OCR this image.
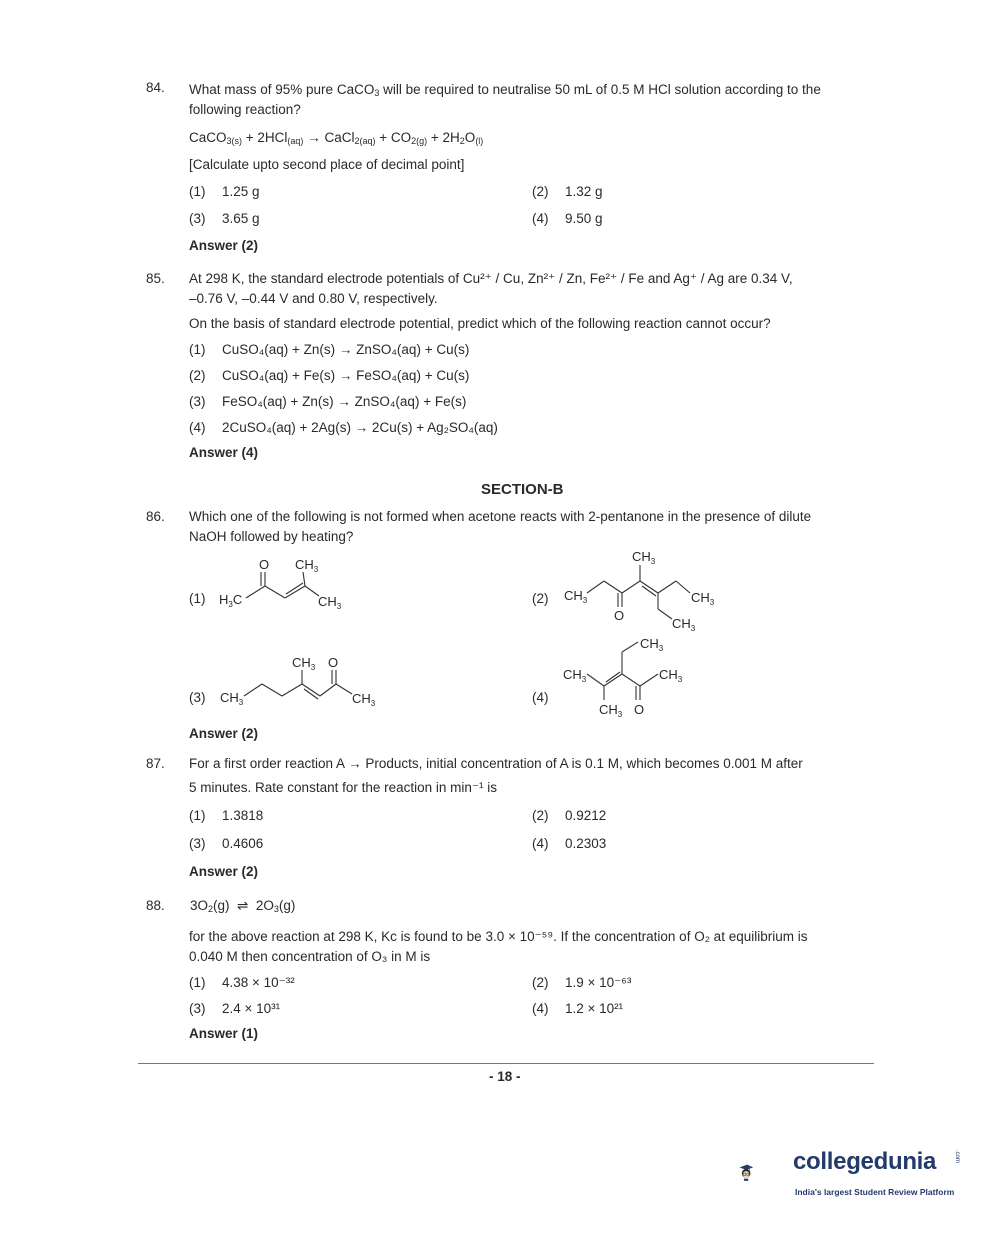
84. What mass of 95% pure CaCO$_3$ will be required to neutralise 50 mL of 0.5 M HCl solution according to the
following reaction?
CaCO$_{3(s)}$ + 2HCl$_{(aq)}$ → CaCl$_{2(aq)}$ + $CO_{2(g)} + 2H_2O_{(l)}$
[Calculate upto second place of decimal point]
(1) 1.25 g	(2) 1.32 g
(3) 3.65 g	(4) 9.50 g
Answer (2)
85. At 298 K, the standard electrode potentials of Cu²⁺ / Cu, Zn²⁺ / Zn, Fe²⁺ / Fe and Ag⁺ / Ag are 0.34 V,
–0.76 V, –0.44 V and 0.80 V, respectively.
On the basis of standard electrode potential, predict which of the following reaction cannot occur?
(1) CuSO₄(aq) + Zn(s) → ZnSO₄(aq) + Cu(s)
(2) CuSO₄(aq) + Fe(s) → FeSO₄(aq) + Cu(s)
(3) FeSO₄(aq) + Zn(s) → ZnSO₄(aq) + Fe(s)
(4) 2CuSO₄(aq) + 2Ag(s) → 2Cu(s) + Ag₂SO₄(aq)
Answer (4)
SECTION-B
86. Which one of the following is not formed when acetone reacts with 2-pentanone in the presence of dilute
NaOH followed by heating?
(1) $H_3C$
O $CH_3$
$CH_3$
(2) $CH_3$
O
$CH_3$
$CH_3$
$CH_3$
(3) $CH_3$
$CH_3$ O
$CH_3$	(4)
$CH_3$
$CH_3$
$CH_3$
O
$CH_3$
Answer (2)
87. For a first order reaction A → Products, initial concentration of A is 0.1 M, which becomes 0.001 M after
5 minutes. Rate constant for the reaction in min⁻¹ is
(1) 1.3818	(2) 0.9212
(3) 0.4606	(4) 0.2303
Answer (2)
88. $3O_2(g)$  ⇌  $2O_3(g)$
for the above reaction at 298 K, Kc is found to be 3.0 × 10⁻⁵⁹. If the concentration of O₂ at equilibrium is
0.040 M then concentration of O₃ in M is
(1) 4.38 × 10⁻³²	(2) 1.9 × 10⁻⁶³
(3) 2.4 × 10³¹	(4) 1.2 × 10²¹
Answer (1)
- 18 -
collegedunia	.com
India's largest Student Review Platform
